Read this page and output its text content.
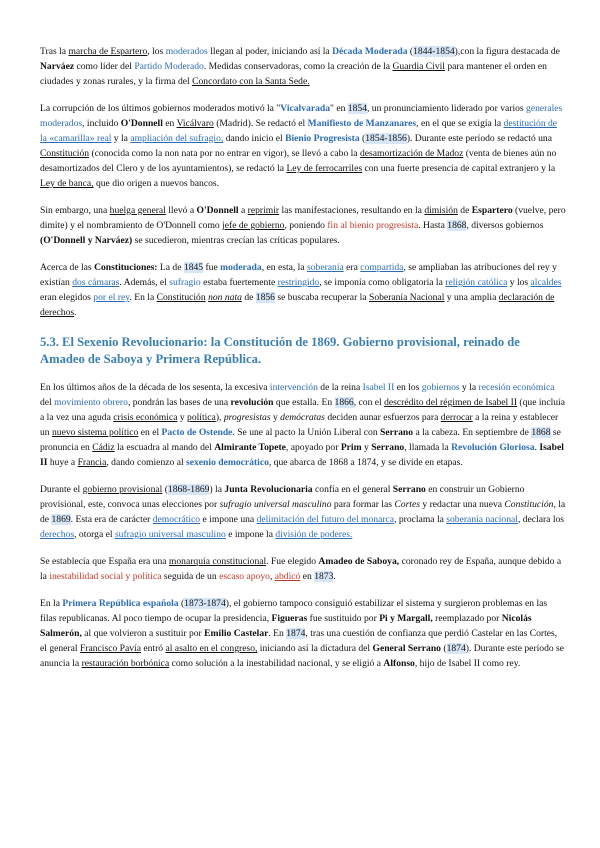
Tras la marcha de Espartero, los moderados llegan al poder, iniciando así la Década Moderada (1844-1854),con la figura destacada de Narváez como líder del Partido Moderado. Medidas conservadoras, como la creación de la Guardia Civil para mantener el orden en ciudades y zonas rurales, y la firma del Concordato con la Santa Sede.

La corrupción de los últimos gobiernos moderados motivó la "Vicalvarada" en 1854, un pronunciamiento liderado por varios generales moderados, incluido O'Donnell en Vicálvaro (Madrid). Se redactó el Manifiesto de Manzanares, en el que se exigía la destitución de la «camarilla» real y la ampliación del sufragio, dando inicio el Bienio Progresista (1854-1856). Durante este período se redactó una Constitución (conocida como la non nata por no entrar en vigor), se llevó a cabo la desamortización de Madoz (venta de bienes aún no desamortizados del Clero y de los ayuntamientos), se redactó la Ley de ferrocarriles con una fuerte presencia de capital extranjero y la Ley de banca, que dio origen a nuevos bancos.

Sin embargo, una huelga general llevó a O'Donnell a reprimir las manifestaciones, resultando en la dimisión de Espartero (vuelve, pero dimite) y el nombramiento de O'Donnell como jefe de gobierno, poniendo fin al bienio progresista. Hasta 1868, diversos gobiernos (O'Donnell y Narváez) se sucedieron, mientras crecían las críticas populares.

Acerca de las Constituciones: La de 1845 fue moderada, en esta, la soberanía era compartida, se ampliaban las atribuciones del rey y existían dos cámaras. Además, el sufragio estaba fuertemente restringido, se imponía como obligatoria la religión católica y los alcaldes eran elegidos por el rey. En la Constitución non nata de 1856 se buscaba recuperar la Soberanía Nacional y una amplia declaración de derechos.

5.3. El Sexenio Revolucionario: la Constitución de 1869. Gobierno provisional, reinado de Amadeo de Saboya y Primera República.

En los últimos años de la década de los sesenta, la excesiva intervención de la reina Isabel II en los gobiernos y la recesión económica del movimiento obrero, pondrán las bases de una revolución que estalla. En 1866, con el descrédito del régimen de Isabel II (que incluía a la vez una aguda crisis económica y política), progresistas y demócratas deciden aunar esfuerzos para derrocar a la reina y establecer un nuevo sistema político en el Pacto de Ostende. Se une al pacto la Unión Liberal con Serrano a la cabeza. En septiembre de 1868 se pronuncia en Cádiz la escuadra al mando del Almirante Topete, apoyado por Prim y Serrano, llamada la Revolución Gloriosa. Isabel II huye a Francia, dando comienzo al sexenio democrático, que abarca de 1868 a 1874, y se divide en etapas.

Durante el gobierno provisional (1868-1869) la Junta Revolucionaria confía en el general Serrano en construir un Gobierno provisional, este, convoca unas elecciones por sufragio universal masculino para formar las Cortes y redactar una nueva Constitución, la de 1869. Esta era de carácter democrático e impone una delimitación del futuro del monarca, proclama la soberanía nacional, declara los derechos, otorga el sufragio universal masculino e impone la división de poderes.

Se establecía que España era una monarquía constitucional. Fue elegido Amadeo de Saboya, coronado rey de España, aunque debido a la inestabilidad social y política seguida de un escaso apoyo, abdicó en 1873.

En la Primera República española (1873-1874), el gobierno tampoco consiguió estabilizar el sistema y surgieron problemas en las filas republicanas. Al poco tiempo de ocupar la presidencia, Figueras fue sustituido por Pi y Margall, reemplazado por Nicolás Salmerón, al que volvieron a sustituir por Emilio Castelar. En 1874, tras una cuestión de confianza que perdió Castelar en las Cortes, el general Francisco Pavía entró al asalto en el congreso, iniciando así la dictadura del General Serrano (1874). Durante este período se anuncia la restauración borbónica como solución a la inestabilidad nacional, y se eligió a Alfonso, hijo de Isabel II como rey.
